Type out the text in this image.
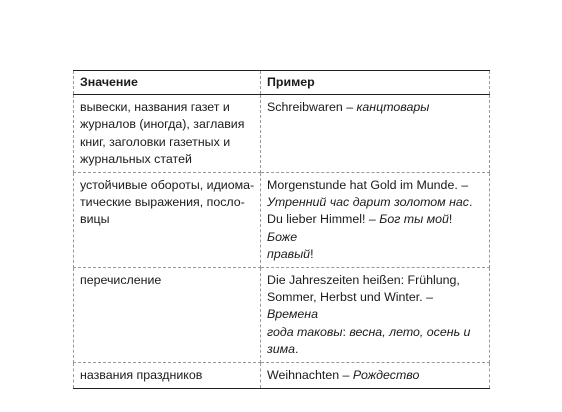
Значение	Пример

вывески, названия газет и
журналов (иногда), заглавия
книг, заголовки газетных и
журнальных статей	Schreibwaren – канцтовары

устойчивые обороты, идиома-
тические выражения, посло-
вицы	Morgenstunde hat Gold im Munde. –
Утренний час дарит золотом нас.
Du lieber Himmel! – Бог ты мой! Боже
правый!

перечисление	Die Jahreszeiten heißen: Frühlung,
Sommer, Herbst und Winter. – Времена
года таковы: весна, лето, осень и
зима.

названия праздников	Weihnachten – Рождество
